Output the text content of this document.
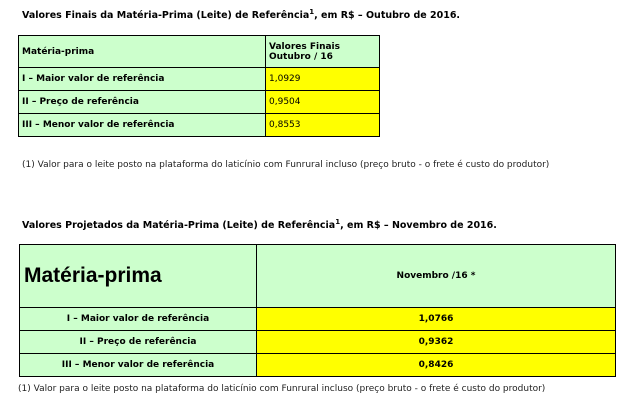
Valores Finais da Matéria-Prima (Leite) de Referência$^1$, em R$ – Outubro de 2016.
Matéria-prima	Valores Finais
Outubro / 16

I – Maior valor de referência	1,0929
II – Preço de referência	0,9504
III – Menor valor de referência	0,8553
(1) Valor para o leite posto na plataforma do laticínio com Funrural incluso (preço bruto - o frete é custo do produtor)
Valores Projetados da Matéria-Prima (Leite) de Referência$^1$, em R$ – Novembro de 2016.
Matéria-prima	Novembro /16 *
I – Maior valor de referência	1,0766
II – Preço de referência	0,9362
III – Menor valor de referência	0,8426
(1) Valor para o leite posto na plataforma do laticínio com Funrural incluso (preço bruto - o frete é custo do produtor)
